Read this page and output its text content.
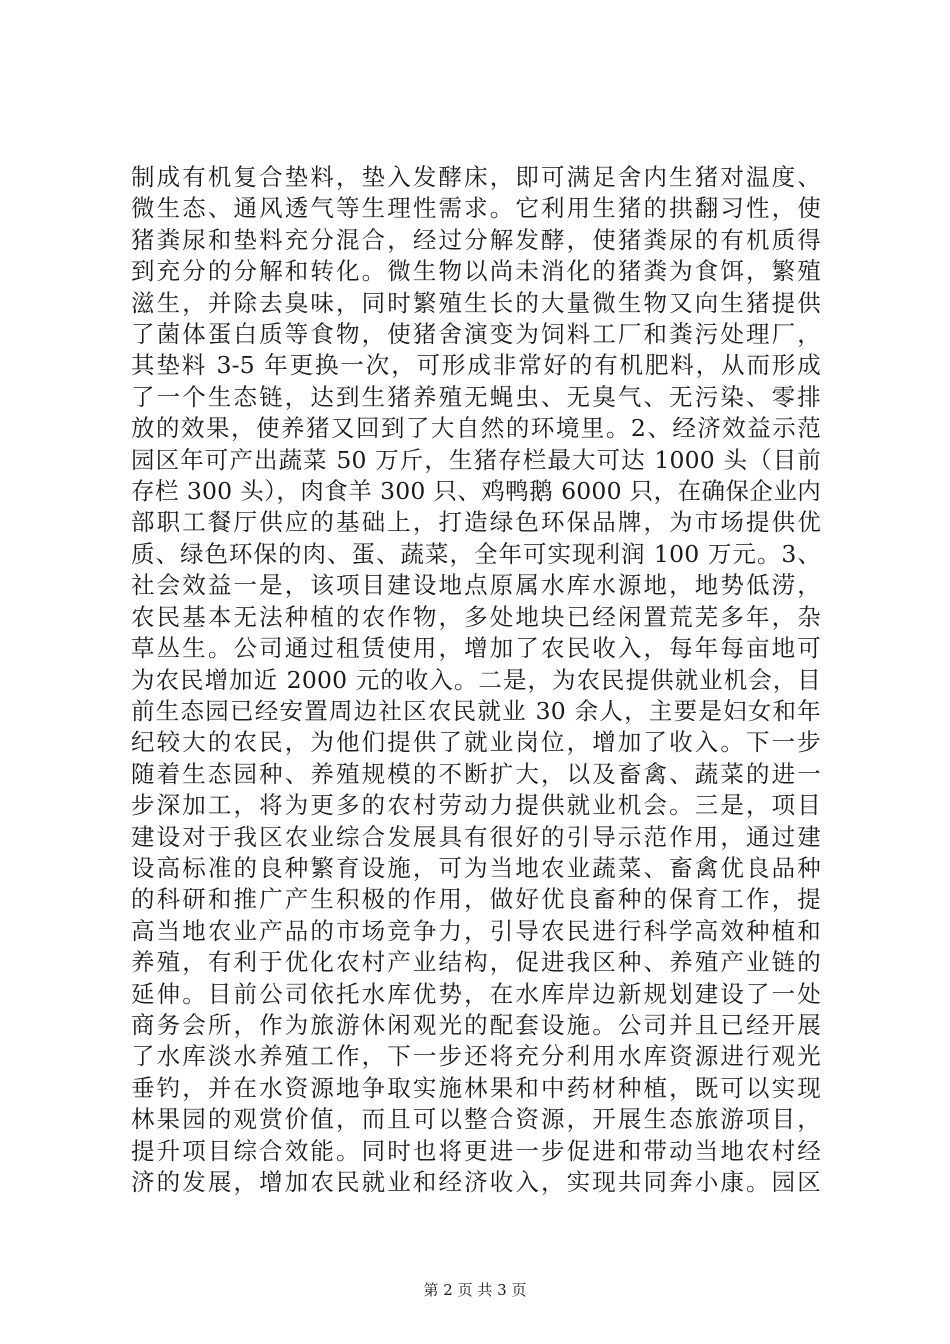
制成有机复合垫料，垫入发酵床，即可满足舍内生猪对温度、
微生态、通风透气等生理性需求。它利用生猪的拱翻习性，使
猪粪尿和垫料充分混合，经过分解发酵，使猪粪尿的有机质得
到充分的分解和转化。微生物以尚未消化的猪粪为食饵，繁殖
滋生，并除去臭味，同时繁殖生长的大量微生物又向生猪提供
了菌体蛋白质等食物，使猪舍演变为饲料工厂和粪污处理厂，
其垫料 3-5 年更换一次，可形成非常好的有机肥料，从而形成
了一个生态链，达到生猪养殖无蝇虫、无臭气、无污染、零排
放的效果，使养猪又回到了大自然的环境里。2、经济效益示范
园区年可产出蔬菜 50 万斤，生猪存栏最大可达 1000 头（目前
存栏 300 头），肉食羊 300 只、鸡鸭鹅 6000 只，在确保企业内
部职工餐厅供应的基础上，打造绿色环保品牌，为市场提供优
质、绿色环保的肉、蛋、蔬菜，全年可实现利润 100 万元。3、
社会效益一是，该项目建设地点原属水库水源地，地势低涝，
农民基本无法种植的农作物，多处地块已经闲置荒芜多年，杂
草丛生。公司通过租赁使用，增加了农民收入，每年每亩地可
为农民增加近 2000 元的收入。二是，为农民提供就业机会，目
前生态园已经安置周边社区农民就业 30 余人，主要是妇女和年
纪较大的农民，为他们提供了就业岗位，增加了收入。下一步
随着生态园种、养殖规模的不断扩大，以及畜禽、蔬菜的进一
步深加工，将为更多的农村劳动力提供就业机会。三是，项目
建设对于我区农业综合发展具有很好的引导示范作用，通过建
设高标准的良种繁育设施，可为当地农业蔬菜、畜禽优良品种
的科研和推广产生积极的作用，做好优良畜种的保育工作，提
高当地农业产品的市场竞争力，引导农民进行科学高效种植和
养殖，有利于优化农村产业结构，促进我区种、养殖产业链的
延伸。目前公司依托水库优势，在水库岸边新规划建设了一处
商务会所，作为旅游休闲观光的配套设施。公司并且已经开展
了水库淡水养殖工作，下一步还将充分利用水库资源进行观光
垂钓，并在水资源地争取实施林果和中药材种植，既可以实现
林果园的观赏价值，而且可以整合资源，开展生态旅游项目，
提升项目综合效能。同时也将更进一步促进和带动当地农村经
济的发展，增加农民就业和经济收入，实现共同奔小康。园区
第 2 页 共 3 页
